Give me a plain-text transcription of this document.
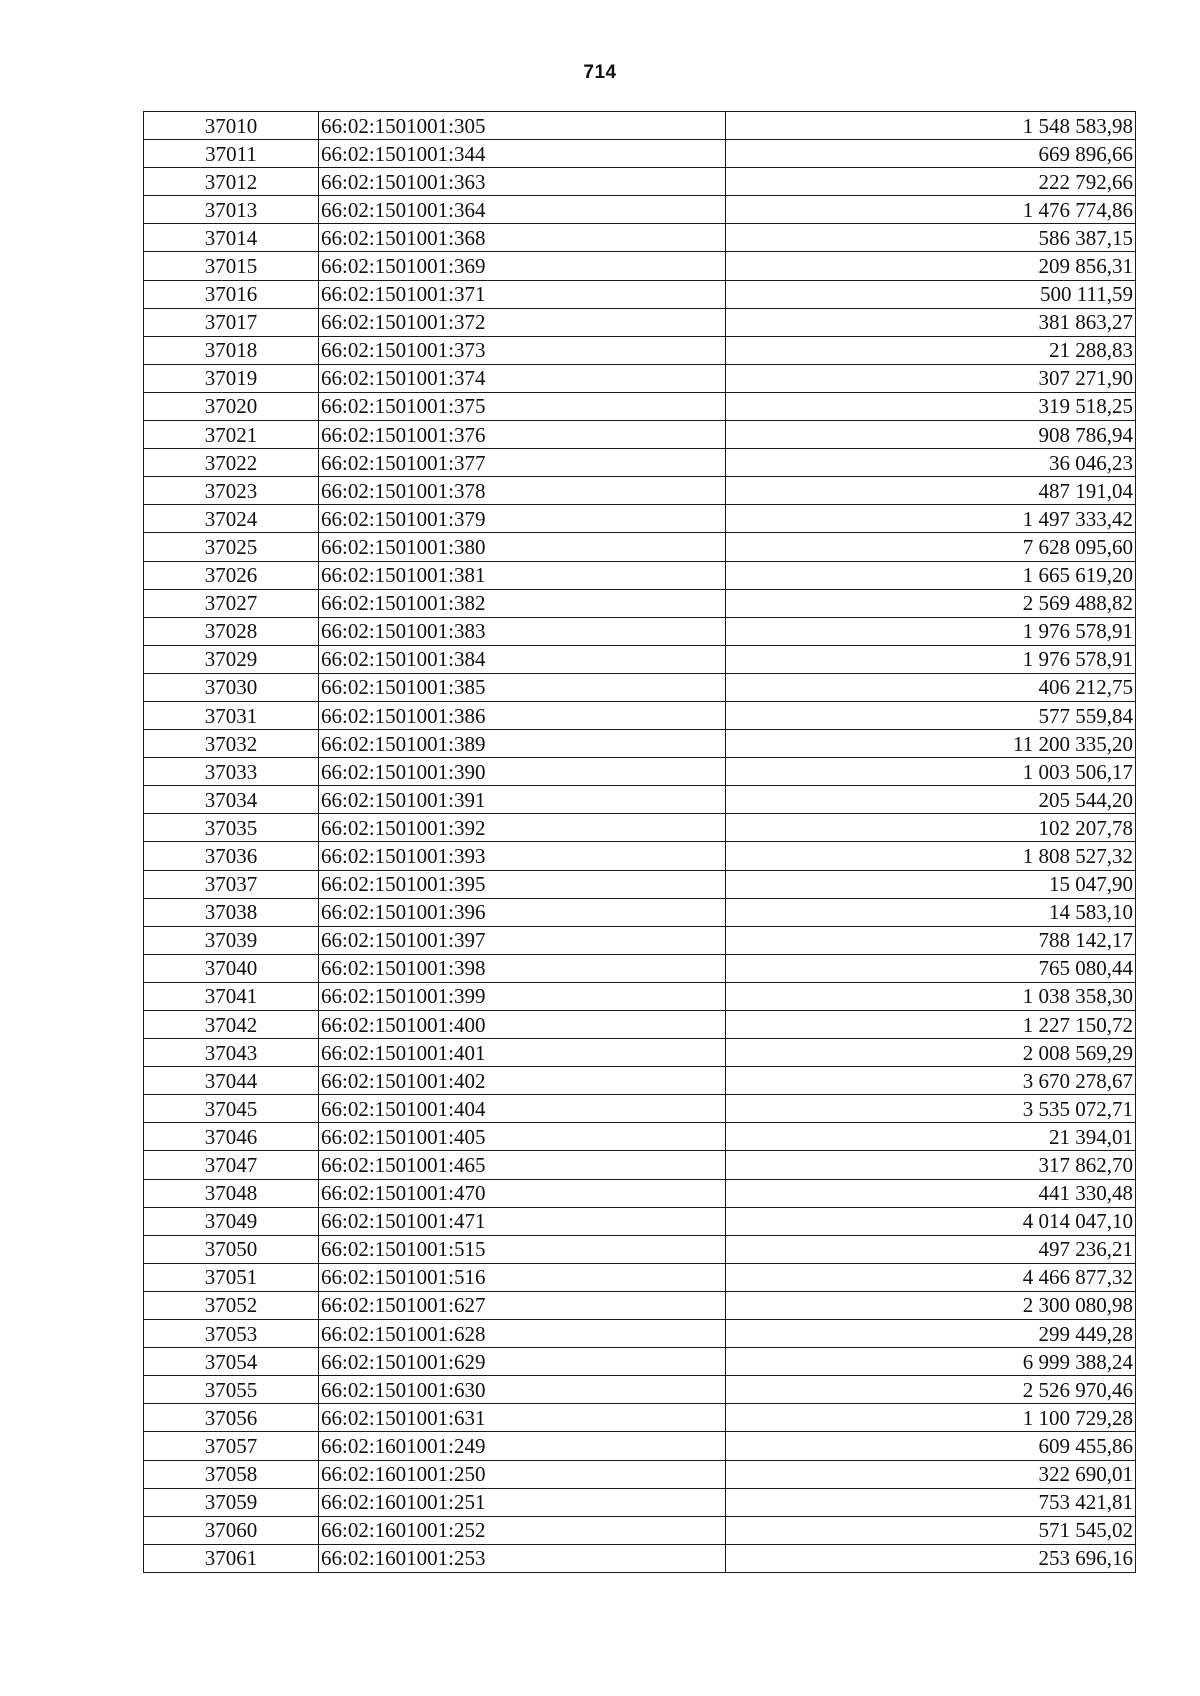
714
37010	66:02:1501001:305	1 548 583,98
37011	66:02:1501001:344	669 896,66
37012	66:02:1501001:363	222 792,66
37013	66:02:1501001:364	1 476 774,86
37014	66:02:1501001:368	586 387,15
37015	66:02:1501001:369	209 856,31
37016	66:02:1501001:371	500 111,59
37017	66:02:1501001:372	381 863,27
37018	66:02:1501001:373	21 288,83
37019	66:02:1501001:374	307 271,90
37020	66:02:1501001:375	319 518,25
37021	66:02:1501001:376	908 786,94
37022	66:02:1501001:377	36 046,23
37023	66:02:1501001:378	487 191,04
37024	66:02:1501001:379	1 497 333,42
37025	66:02:1501001:380	7 628 095,60
37026	66:02:1501001:381	1 665 619,20
37027	66:02:1501001:382	2 569 488,82
37028	66:02:1501001:383	1 976 578,91
37029	66:02:1501001:384	1 976 578,91
37030	66:02:1501001:385	406 212,75
37031	66:02:1501001:386	577 559,84
37032	66:02:1501001:389	11 200 335,20
37033	66:02:1501001:390	1 003 506,17
37034	66:02:1501001:391	205 544,20
37035	66:02:1501001:392	102 207,78
37036	66:02:1501001:393	1 808 527,32
37037	66:02:1501001:395	15 047,90
37038	66:02:1501001:396	14 583,10
37039	66:02:1501001:397	788 142,17
37040	66:02:1501001:398	765 080,44
37041	66:02:1501001:399	1 038 358,30
37042	66:02:1501001:400	1 227 150,72
37043	66:02:1501001:401	2 008 569,29
37044	66:02:1501001:402	3 670 278,67
37045	66:02:1501001:404	3 535 072,71
37046	66:02:1501001:405	21 394,01
37047	66:02:1501001:465	317 862,70
37048	66:02:1501001:470	441 330,48
37049	66:02:1501001:471	4 014 047,10
37050	66:02:1501001:515	497 236,21
37051	66:02:1501001:516	4 466 877,32
37052	66:02:1501001:627	2 300 080,98
37053	66:02:1501001:628	299 449,28
37054	66:02:1501001:629	6 999 388,24
37055	66:02:1501001:630	2 526 970,46
37056	66:02:1501001:631	1 100 729,28
37057	66:02:1601001:249	609 455,86
37058	66:02:1601001:250	322 690,01
37059	66:02:1601001:251	753 421,81
37060	66:02:1601001:252	571 545,02
37061	66:02:1601001:253	253 696,16
